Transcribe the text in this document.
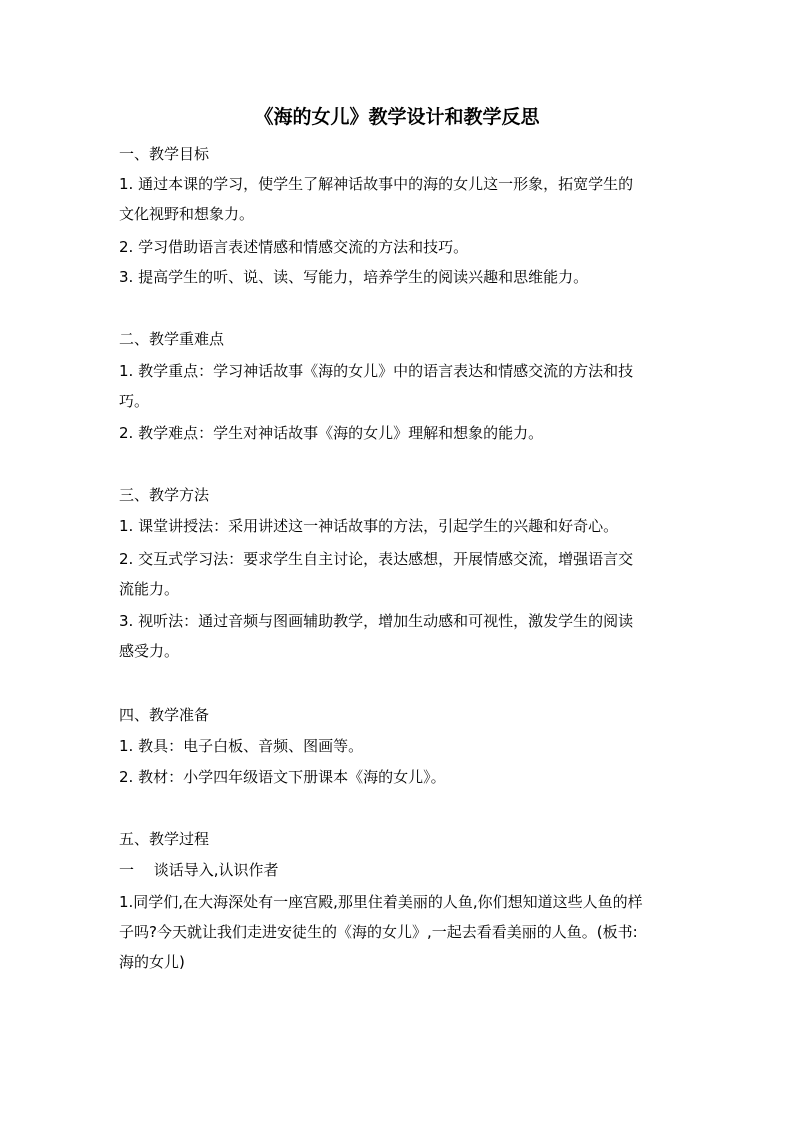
《海的女儿》教学设计和教学反思
一、教学目标
1. 通过本课的学习，使学生了解神话故事中的海的女儿这一形象，拓宽学生的
文化视野和想象力。
2. 学习借助语言表述情感和情感交流的方法和技巧。
3. 提高学生的听、说、读、写能力，培养学生的阅读兴趣和思维能力。
二、教学重难点
1. 教学重点：学习神话故事《海的女儿》中的语言表达和情感交流的方法和技
巧。
2. 教学难点：学生对神话故事《海的女儿》理解和想象的能力。
三、教学方法
1. 课堂讲授法：采用讲述这一神话故事的方法，引起学生的兴趣和好奇心。
2. 交互式学习法：要求学生自主讨论，表达感想，开展情感交流，增强语言交
流能力。
3. 视听法：通过音频与图画辅助教学，增加生动感和可视性，激发学生的阅读
感受力。
四、教学准备
1. 教具：电子白板、音频、图画等。
2. 教材：小学四年级语文下册课本《海的女儿》。
五、教学过程
一　 谈话导入,认识作者
1.同学们,在大海深处有一座宫殿,那里住着美丽的人鱼,你们想知道这些人鱼的样
子吗?今天就让我们走进安徒生的《海的女儿》,一起去看看美丽的人鱼。(板书:
海的女儿)
